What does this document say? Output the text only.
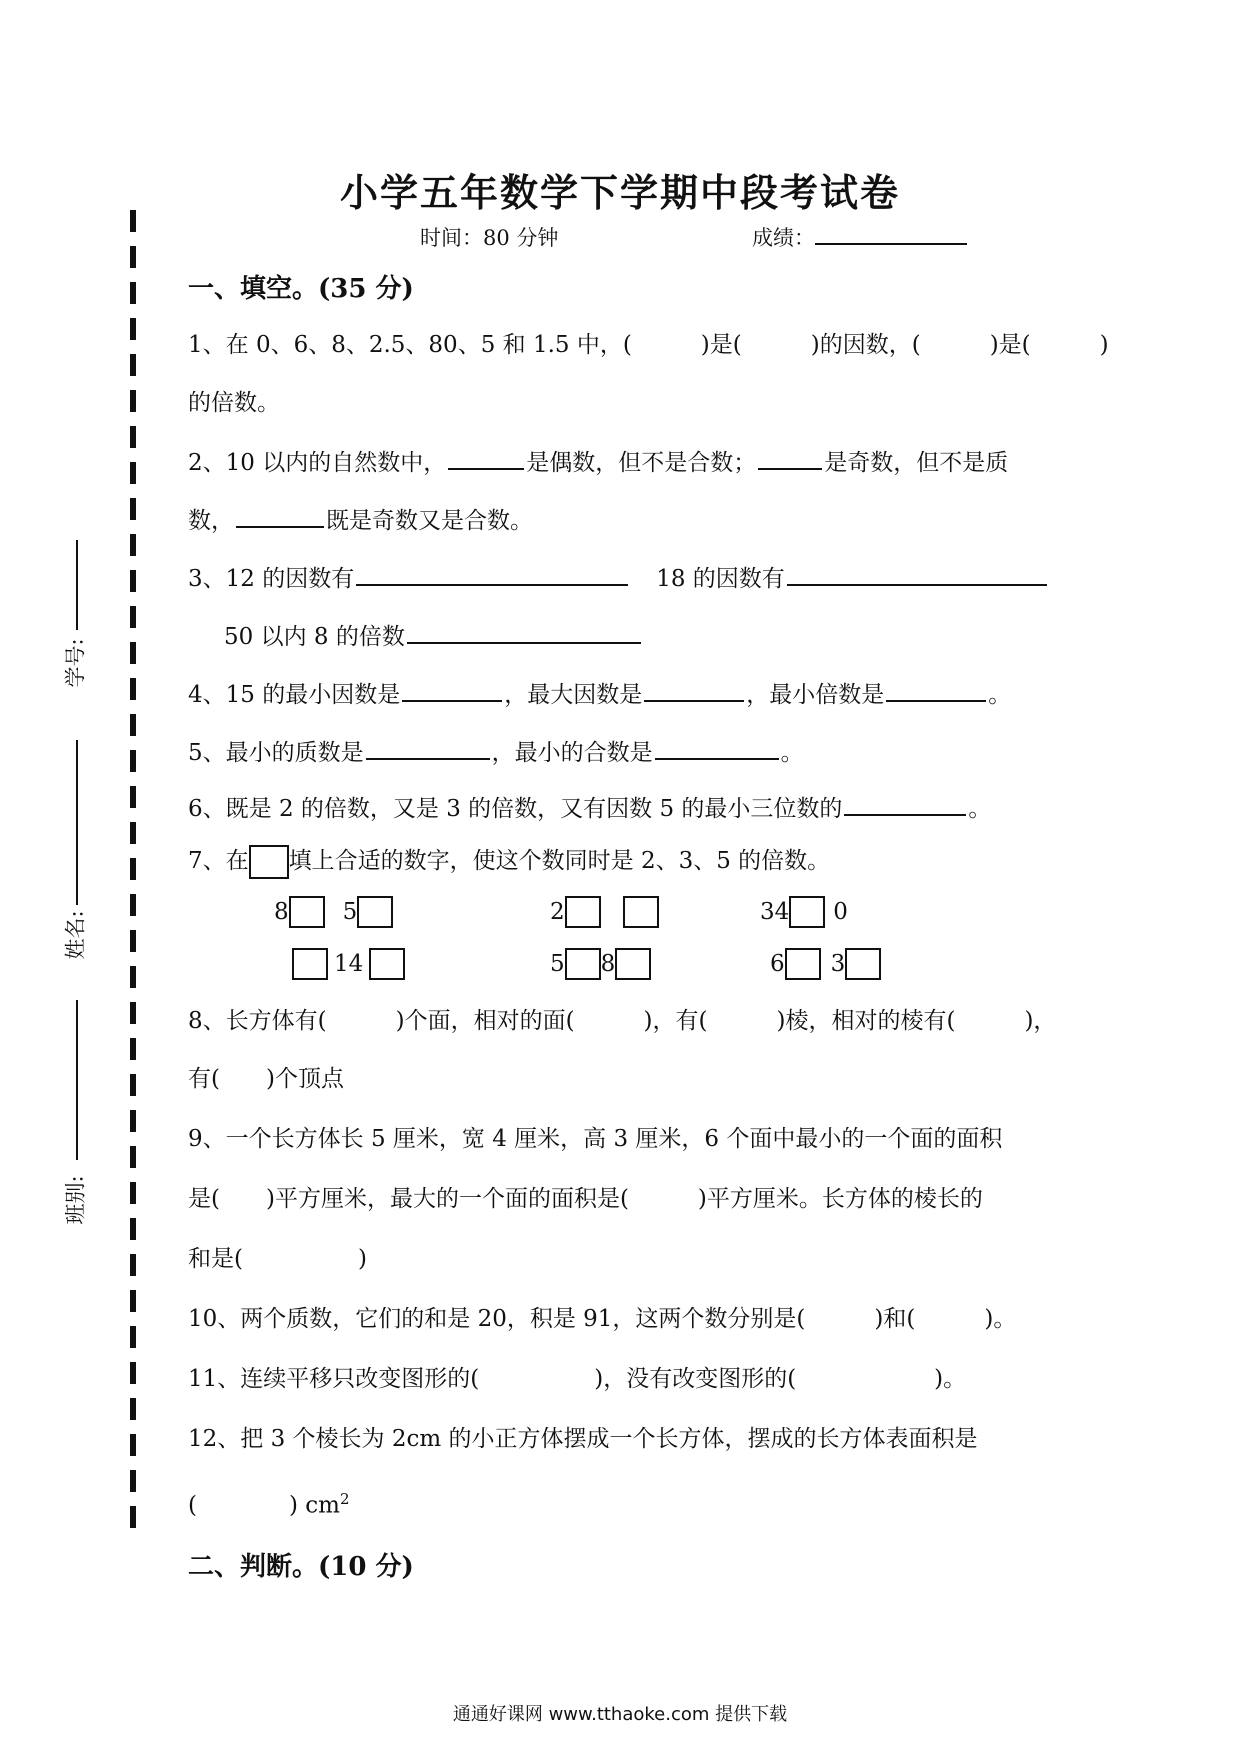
学号:
姓名:
班别:
小学五年数学下学期中段考试卷
时间：80 分钟	成绩：
一、填空。(35 分)
1、在 0、6、8、2.5、80、5 和 1.5 中，(　　　)是(　　　)的因数，(　　　)是(　　　)
的倍数。
2、10 以内的自然数中，	是偶数，但不是合数；	是奇数，但不是质
数，	既是奇数又是合数。
3、12 的因数有	18 的因数有
50 以内 8 的倍数
4、15 的最小因数是	，最大因数是	，最小倍数是	。
5、最小的质数是	，最小的合数是	。
6、既是 2 的倍数，又是 3 的倍数，又有因数 5 的最小三位数的	。
7、在 填上合适的数字，使这个数同时是 2、3、5 的倍数。
8 5	2	34 0
14	5 8	6 3
8、长方体有(　　　)个面，相对的面(　　　)，有(　　　)棱，相对的棱有(　　　)，
有(　　)个顶点
9、一个长方体长 5 厘米，宽 4 厘米，高 3 厘米，6 个面中最小的一个面的面积
是(　　)平方厘米，最大的一个面的面积是(　　　)平方厘米。长方体的棱长的
和是(　　　　　)
10、两个质数，它们的和是 20，积是 91，这两个数分别是(　　　)和(　　　)。
11、连续平移只改变图形的(　　　　　)，没有改变图形的(　　　　　　)。
12、把 3 个棱长为 2cm 的小正方体摆成一个长方体，摆成的长方体表面积是
(　　　　) $cm^2$
二、判断。(10 分)
通通好课网 www.tthaoke.com 提供下载
